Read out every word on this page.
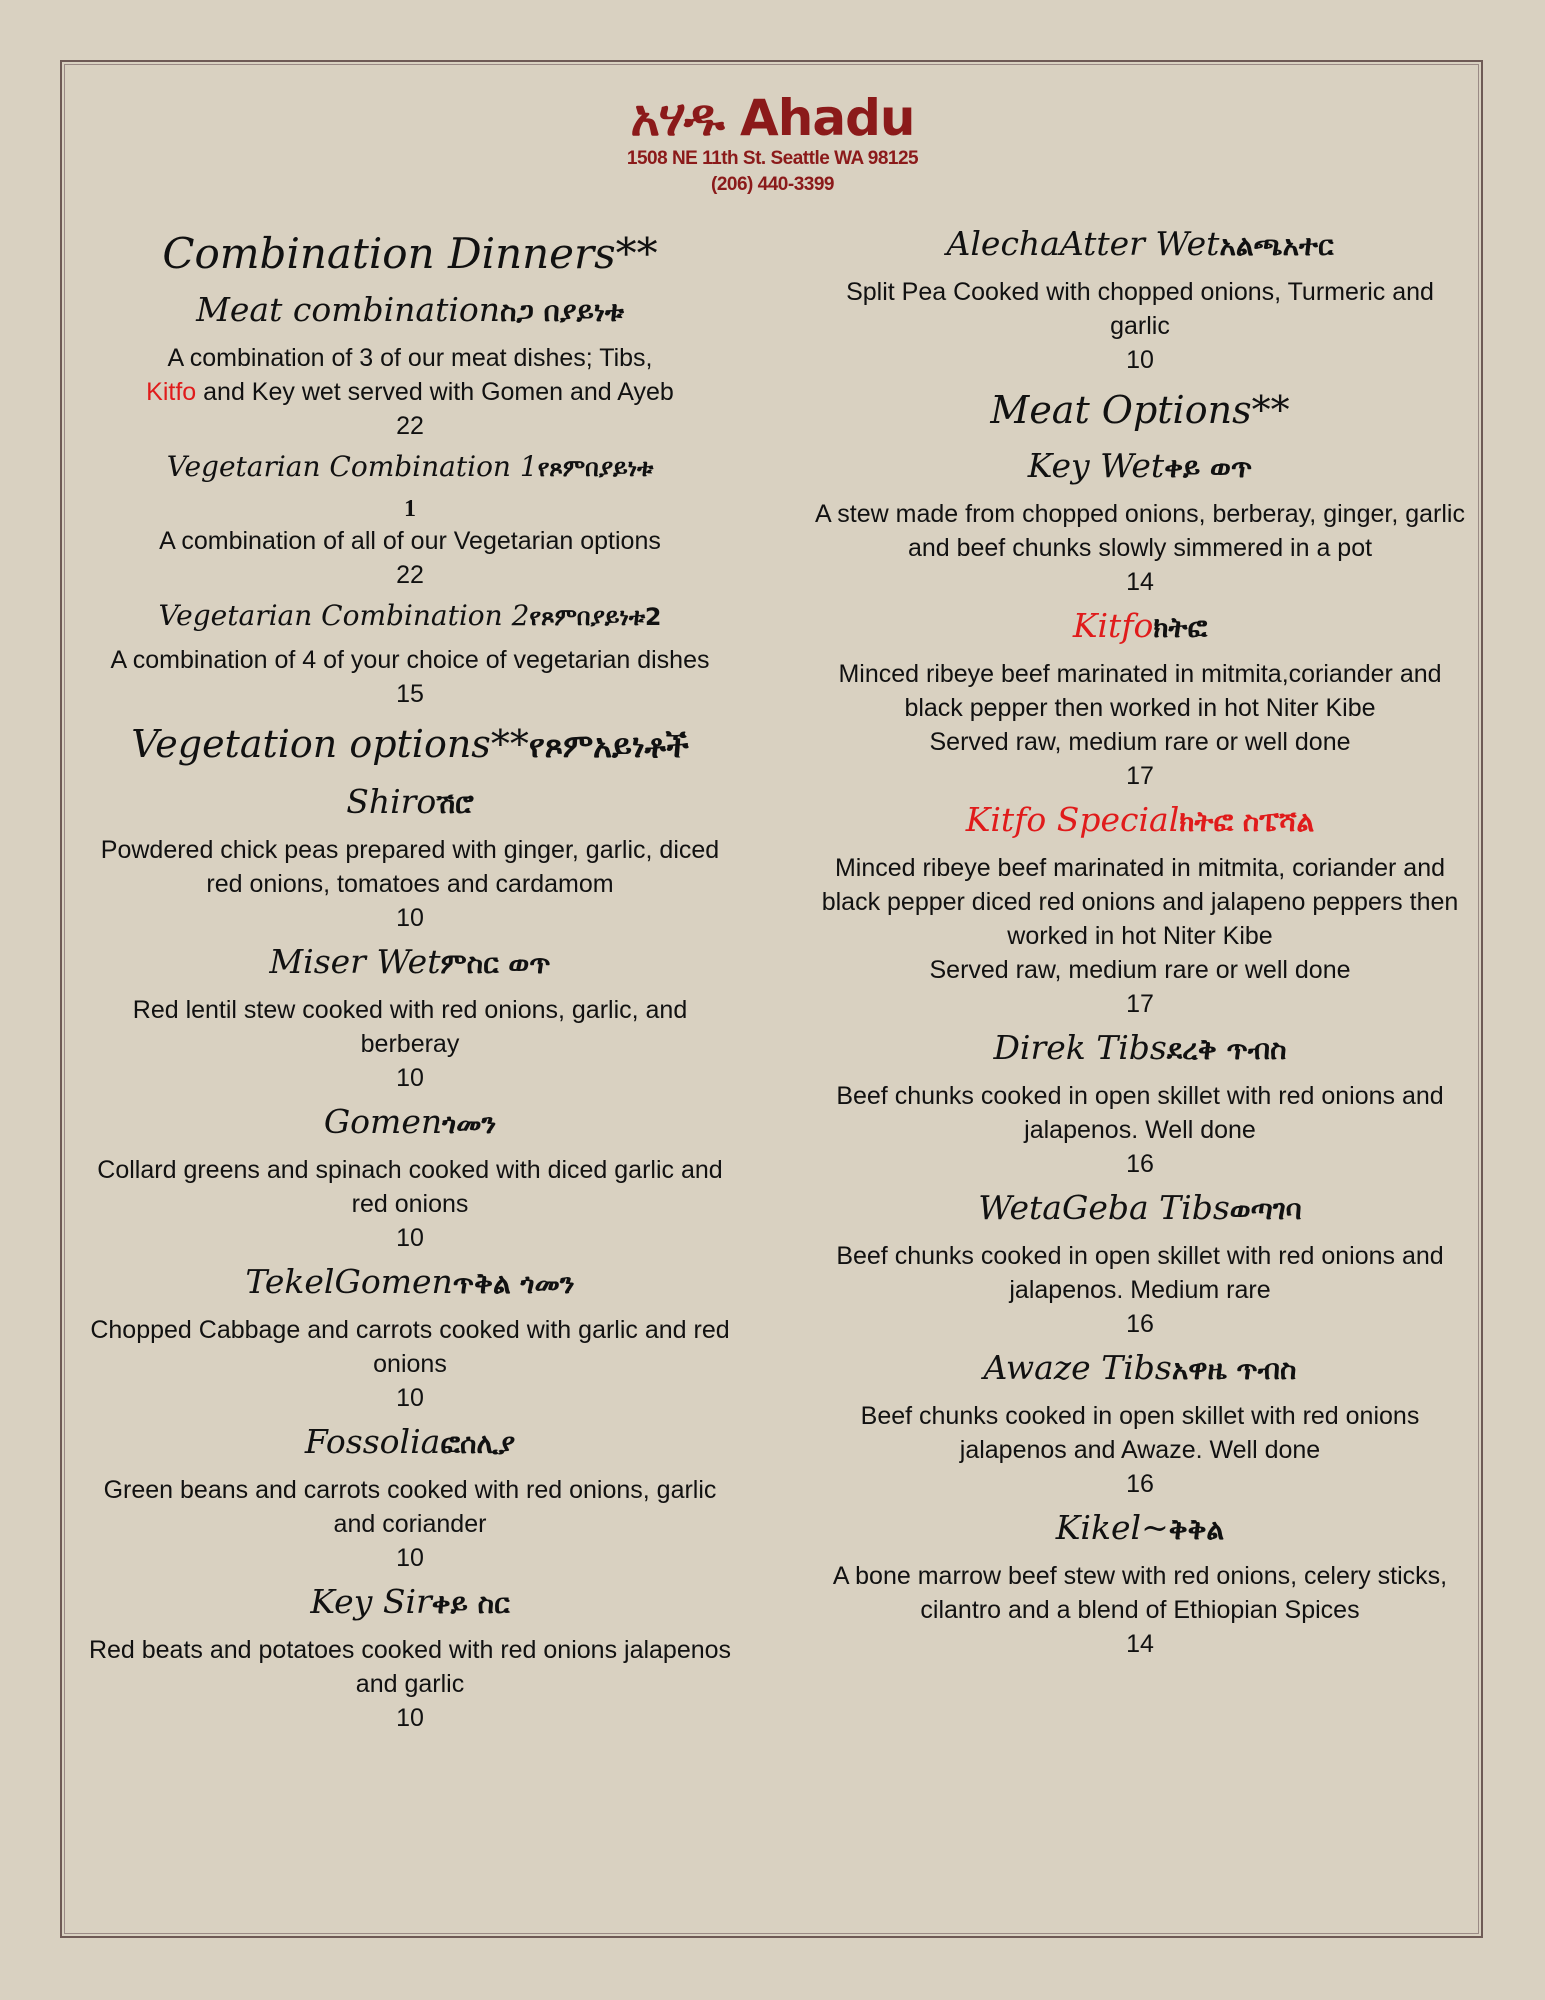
አሃዱ Ahadu
1508 NE 11th St. Seattle WA 98125
(206) 440-3399
Combination Dinners**
Meat combinationስጋ በያይነቱ

A combination of 3 of our meat dishes; Tibs,
Kitfo and Key wet served with Gomen and Ayeb

22

Vegetarian Combination 1የጾምበያይነቱ
1

A combination of all of our Vegetarian options

22

Vegetarian Combination 2የጾምበያይነቱ2

A combination of 4 of your choice of vegetarian dishes

15

Vegetation options**የጾምአይነቶች
Shiroሽሮ

Powdered chick peas prepared with ginger, garlic, diced red onions, tomatoes and cardamom

10

Miser Wetምስር ወጥ

Red lentil stew cooked with red onions, garlic, and berberay

10

Gomenጎመን

Collard greens and spinach cooked with diced garlic and red onions

10

TekelGomenጥቅል ጎመን

Chopped Cabbage and carrots cooked with garlic and red onions

10

Fossoliaፎሰሊያ

Green beans and carrots cooked with red onions, garlic and coriander

10

Key Sirቀይ ስር

Red beats and potatoes cooked with red onions jalapenos and garlic

10

AlechaAtter Wetአልጫአተር

Split Pea Cooked with chopped onions, Turmeric and garlic

10

Meat Options**
Key Wetቀይ ወጥ

A stew made from chopped onions, berberay, ginger, garlic and beef chunks slowly simmered in a pot

14

Kitfoክትፎ

Minced ribeye beef marinated in mitmita,coriander and black pepper then worked in hot Niter Kibe

Served raw, medium rare or well done

17

Kitfo Specialክትፎ ስፔሻል

Minced ribeye beef marinated in mitmita, coriander and black pepper diced red onions and jalapeno peppers then worked in hot Niter Kibe

Served raw, medium rare or well done

17

Direk Tibsደረቅ ጥብስ

Beef chunks cooked in open skillet with red onions and jalapenos. Well done

16

WetaGeba Tibsወጣገባ

Beef chunks cooked in open skillet with red onions and jalapenos. Medium rare

16

Awaze Tibsአዋዜ ጥብስ

Beef chunks cooked in open skillet with red onions jalapenos and Awaze. Well done

16

Kikel~ቅቅል

A bone marrow beef stew with red onions, celery sticks, cilantro and a blend of Ethiopian Spices

14
